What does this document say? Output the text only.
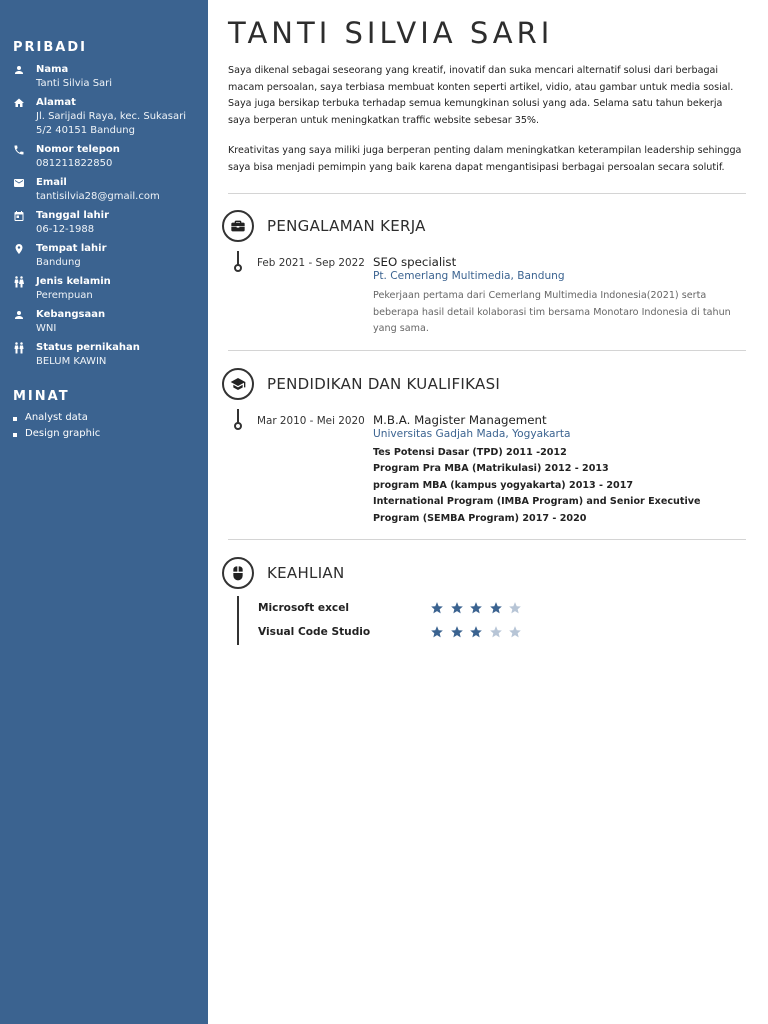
PRIBADI
Nama
Tanti Silvia Sari
Alamat
Jl. Sarijadi Raya, kec. Sukasari 5/2 40151 Bandung
Nomor telepon
081211822850
Email
tantisilvia28@gmail.com
Tanggal lahir
06-12-1988
Tempat lahir
Bandung
Jenis kelamin
Perempuan
Kebangsaan
WNI
Status pernikahan
BELUM KAWIN
MINAT
Analyst data
Design graphic
TANTI SILVIA SARI

Saya dikenal sebagai seseorang yang kreatif, inovatif dan suka mencari alternatif solusi dari berbagai macam persoalan, saya terbiasa membuat konten seperti artikel, vidio, atau gambar untuk media sosial. Saya juga bersikap terbuka terhadap semua kemungkinan solusi yang ada. Selama satu tahun bekerja saya berperan untuk meningkatkan traffic website sebesar 35%.

Kreativitas yang saya miliki juga berperan penting dalam meningkatkan keterampilan leadership sehingga saya bisa menjadi pemimpin yang baik karena dapat mengantisipasi berbagai persoalan secara solutif.

PENGALAMAN KERJA
Feb 2021 - Sep 2022 SEO specialist
Pt. Cemerlang Multimedia, Bandung
Pekerjaan pertama dari Cemerlang Multimedia Indonesia(2021) serta beberapa hasil detail kolaborasi tim bersama Monotaro Indonesia di tahun yang sama.
PENDIDIKAN DAN KUALIFIKASI
Mar 2010 - Mei 2020 M.B.A. Magister Management
Universitas Gadjah Mada, Yogyakarta
Tes Potensi Dasar (TPD) 2011 -2012
Program Pra MBA (Matrikulasi) 2012 - 2013
program MBA (kampus yogyakarta) 2013 - 2017
International Program (IMBA Program) and Senior Executive Program (SEMBA Program) 2017 - 2020
KEAHLIAN
Microsoft excel
Visual Code Studio
